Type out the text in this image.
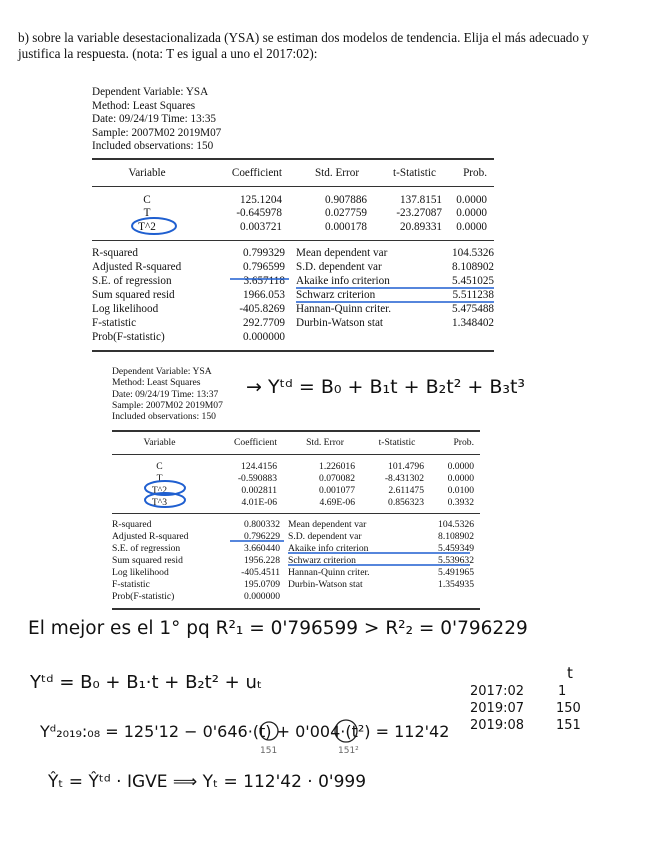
b) sobre la variable desestacionalizada (YSA) se estiman dos modelos de tendencia. Elija el más adecuado y
justifica la respuesta. (nota: T es igual a uno el 2017:02):
Dependent Variable: YSA
Method: Least Squares
Date: 09/24/19 Time: 13:35
Sample: 2007M02 2019M07
Included observations: 150
Variable	Coefficient	Std. Error	t-Statistic	Prob.
C	125.1204	0.907886	137.8151	0.0000
T	-0.645978	0.027759	-23.27087	0.0000
T^2	0.003721	0.000178	20.89331	0.0000
R-squared	0.799329 Mean dependent var	104.5326
Adjusted R-squared	0.796599 S.D. dependent var	8.108902
S.E. of regression	3.657118 Akaike info criterion	5.451025
Sum squared resid	1966.053 Schwarz criterion	5.511238
Log likelihood	-405.8269 Hannan-Quinn criter.	5.475488
F-statistic	292.7709 Durbin-Watson stat	1.348402
Prob(F-statistic)	0.000000
Dependent Variable: YSA
Method: Least Squares
Date: 09/24/19 Time: 13:37
Sample: 2007M02 2019M07
Included observations: 150
Variable	Coefficient	Std. Error	t-Statistic	Prob.
C	124.4156	1.226016	101.4796	0.0000
T	-0.590883	0.070082	-8.431302	0.0000
T^2	0.002811	0.001077	2.611475	0.0100
T^3	4.01E-06	4.69E-06	0.856323	0.3932
R-squared	0.800332 Mean dependent var	104.5326
Adjusted R-squared	0.796229 S.D. dependent var	8.108902
S.E. of regression	3.660440 Akaike info criterion	5.459349
Sum squared resid	1956.228 Schwarz criterion	5.539632
Log likelihood	-405.4511 Hannan-Quinn criter.	5.491965
F-statistic	195.0709 Durbin-Watson stat	1.354935
Prob(F-statistic)	0.000000
→ Yᵗᵈ = B₀ + B₁t + B₂t² + B₃t³
El mejor es el 1° pq R²₁ = 0'796599 > R²₂ = 0'796229
Yᵗᵈ = B₀ + B₁·t + B₂t² + uₜ	t
2017:02	1
2019:07 150
2019:08 151
Yᵈ₂₀₁₉:₀₈ = 125'12 − 0'646·(t) + 0'004·(t²) = 112'42
151	151²
Ŷₜ = Ŷᵗᵈ · IGVE ⟹ Yₜ = 112'42 · 0'999
